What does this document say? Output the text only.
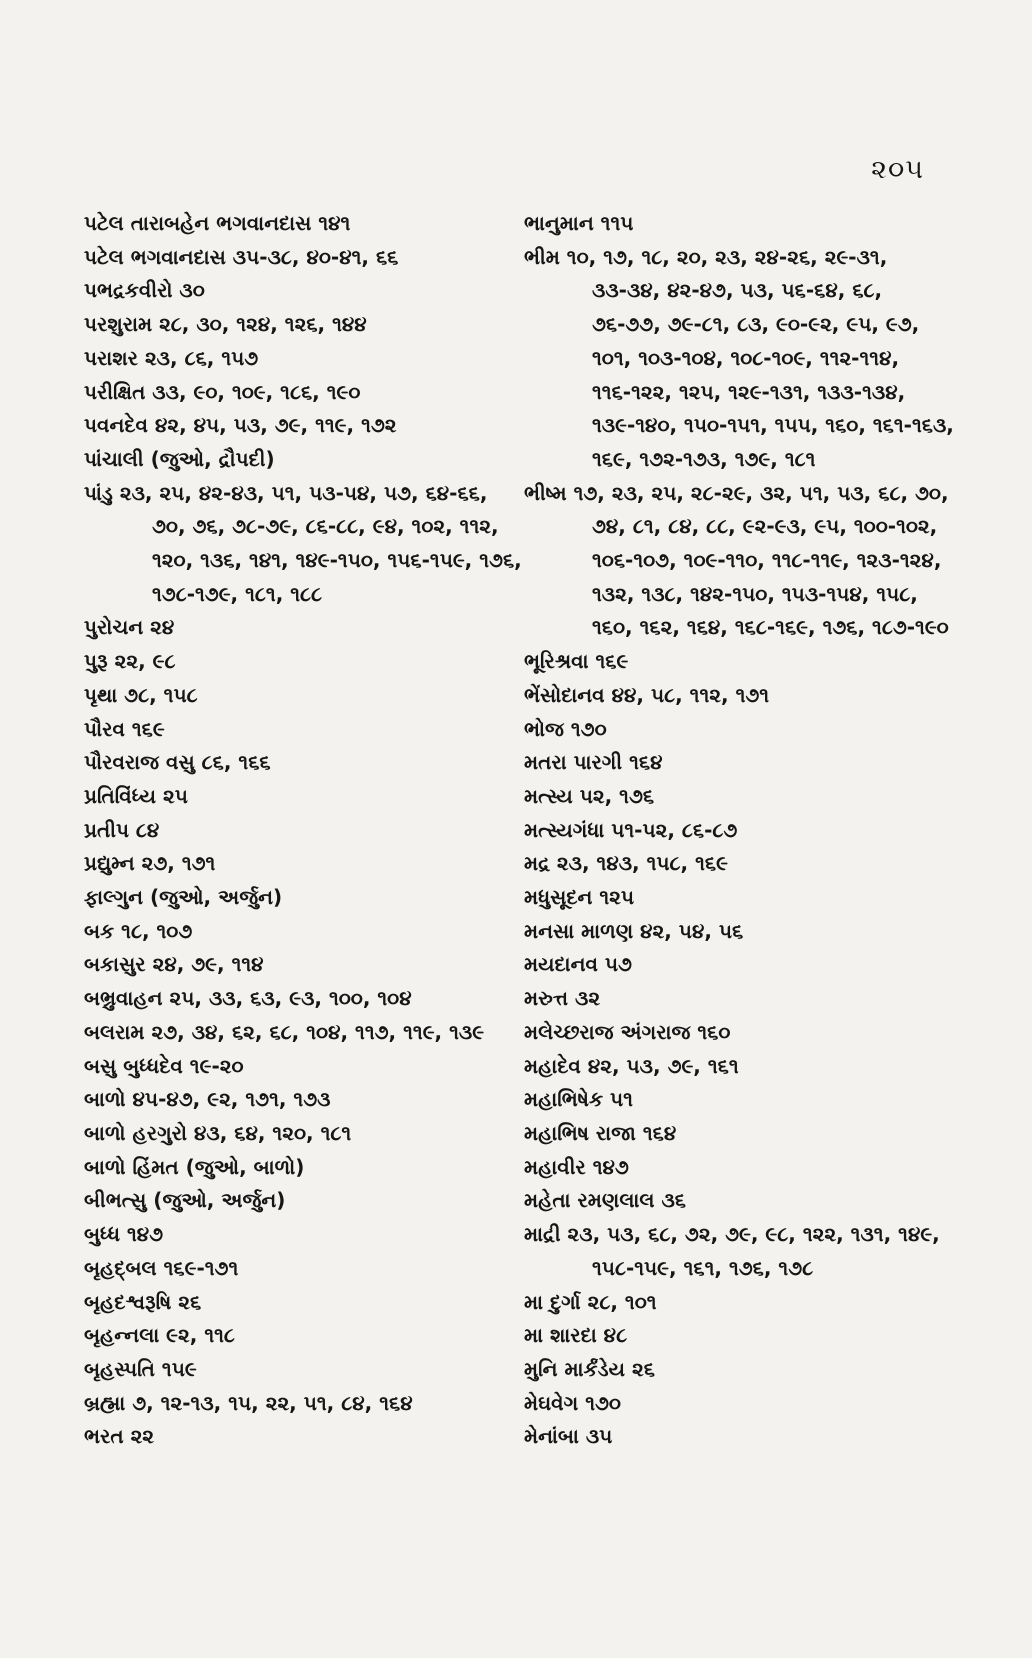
૨૦૫
પટેલ તારાબહેન ભગવાનદાસ ૧૪૧
પટેલ ભગવાનદાસ ૩૫-૩૮, ૪૦-૪૧, ૬૬
પભદ્રકવીરો ૩૦
પરશુરામ ૨૮, ૩૦, ૧૨૪, ૧૨૬, ૧૪૪
પરાશર ૨૩, ૮૬, ૧૫૭
પરીક્ષિત ૩૩, ૯૦, ૧૦૯, ૧૮૬, ૧૯૦
પવનદેવ ૪૨, ૪૫, ૫૩, ૭૯, ૧૧૯, ૧૭૨
પાંચાલી (જુઓ, દ્રૌપદી)
પાંડુ ૨૩, ૨૫, ૪૨-૪૩, ૫૧, ૫૩-૫૪, ૫૭, ૬૪-૬૬, ૭૦, ૭૬, ૭૮-૭૯, ૮૬-૮૮, ૯૪, ૧૦૨, ૧૧૨, ૧૨૦, ૧૩૬, ૧૪૧, ૧૪૯-૧૫૦, ૧૫૬-૧૫૯, ૧૭૬, ૧૭૮-૧૭૯, ૧૮૧, ૧૮૮
પુરોચન ૨૪
પુરૂ ૨૨, ૯૮
પૃથા ૭૮, ૧૫૮
પૌરવ ૧૬૯
પૌરવરાજ વસુ ૮૬, ૧૬૬
પ્રતિવિંધ્ય ૨૫
પ્રતીપ ૮૪
પ્રદ્યુમ્ન ૨૭, ૧૭૧
ફાલ્ગુન (જુઓ, અર્જુન)
બક ૧૮, ૧૦૭
બકાસુર ૨૪, ૭૯, ૧૧૪
બભ્રુવાહન ૨૫, ૩૩, ૬૩, ૯૩, ૧૦૦, ૧૦૪
બલરામ ૨૭, ૩૪, ૬૨, ૬૮, ૧૦૪, ૧૧૭, ૧૧૯, ૧૩૯
બસુ બુધ્ધદેવ ૧૯-૨૦
બાળો ૪૫-૪૭, ૯૨, ૧૭૧, ૧૭૩
બાળો હરગુરો ૪૩, ૬૪, ૧૨૦, ૧૮૧
બાળો હિંમત (જુઓ, બાળો)
બીભત્સુ (જુઓ, અર્જુન)
બુધ્ધ ૧૪૭
બૃહદ્બલ ૧૬૯-૧૭૧
બૃહદશ્વરૂષિ ૨૬
બૃહન્નલા ૯૨, ૧૧૮
બૃહસ્પતિ ૧૫૯
બ્રહ્મા ૭, ૧૨-૧૩, ૧૫, ૨૨, ૫૧, ૮૪, ૧૬૪
ભરત ૨૨
ભાનુમાન ૧૧૫
ભીમ ૧૦, ૧૭, ૧૮, ૨૦, ૨૩, ૨૪-૨૬, ૨૯-૩૧, ૩૩-૩૪, ૪૨-૪૭, ૫૩, ૫૬-૬૪, ૬૮, ૭૬-૭૭, ૭૯-૮૧, ૮૩, ૯૦-૯૨, ૯૫, ૯૭, ૧૦૧, ૧૦૩-૧૦૪, ૧૦૮-૧૦૯, ૧૧૨-૧૧૪, ૧૧૬-૧૨૨, ૧૨૫, ૧૨૯-૧૩૧, ૧૩૩-૧૩૪, ૧૩૯-૧૪૦, ૧૫૦-૧૫૧, ૧૫૫, ૧૬૦, ૧૬૧-૧૬૩, ૧૬૯, ૧૭૨-૧૭૩, ૧૭૯, ૧૮૧
ભીષ્મ ૧૭, ૨૩, ૨૫, ૨૮-૨૯, ૩૨, ૫૧, ૫૩, ૬૮, ૭૦, ૭૪, ૮૧, ૮૪, ૮૮, ૯૨-૯૩, ૯૫, ૧૦૦-૧૦૨, ૧૦૬-૧૦૭, ૧૦૯-૧૧૦, ૧૧૮-૧૧૯, ૧૨૩-૧૨૪, ૧૩૨, ૧૩૮, ૧૪૨-૧૫૦, ૧૫૩-૧૫૪, ૧૫૮, ૧૬૦, ૧૬૨, ૧૬૪, ૧૬૮-૧૬૯, ૧૭૬, ૧૮૭-૧૯૦
ભૂરિશ્રવા ૧૬૯
ભેંસોદાનવ ૪૪, ૫૮, ૧૧૨, ૧૭૧
ભોજ ૧૭૦
મતરા પારગી ૧૬૪
મત્સ્ય ૫૨, ૧૭૬
મત્સ્યગંધા ૫૧-૫૨, ૮૬-૮૭
મદ્ર ૨૩, ૧૪૩, ૧૫૮, ૧૬૯
મધુસૂદન ૧૨૫
મનસા માળણ ૪૨, ૫૪, ૫૬
મયદાનવ ૫૭
મરુત્ત ૩૨
મલેચ્છરાજ અંગરાજ ૧૬૦
મહાદેવ ૪૨, ૫૩, ૭૯, ૧૬૧
મહાભિષેક ૫૧
મહાભિષ રાજા ૧૬૪
મહાવીર ૧૪૭
મહેતા રમણલાલ ૩૬
માદ્રી ૨૩, ૫૩, ૬૮, ૭૨, ૭૯, ૯૮, ૧૨૨, ૧૩૧, ૧૪૯, ૧૫૮-૧૫૯, ૧૬૧, ૧૭૬, ૧૭૮
મા દુર્ગા ૨૮, ૧૦૧
મા શારદા ૪૮
મુનિ માર્કંડેય ૨૬
મેઘવેગ ૧૭૦
મેનાંબા ૩૫
